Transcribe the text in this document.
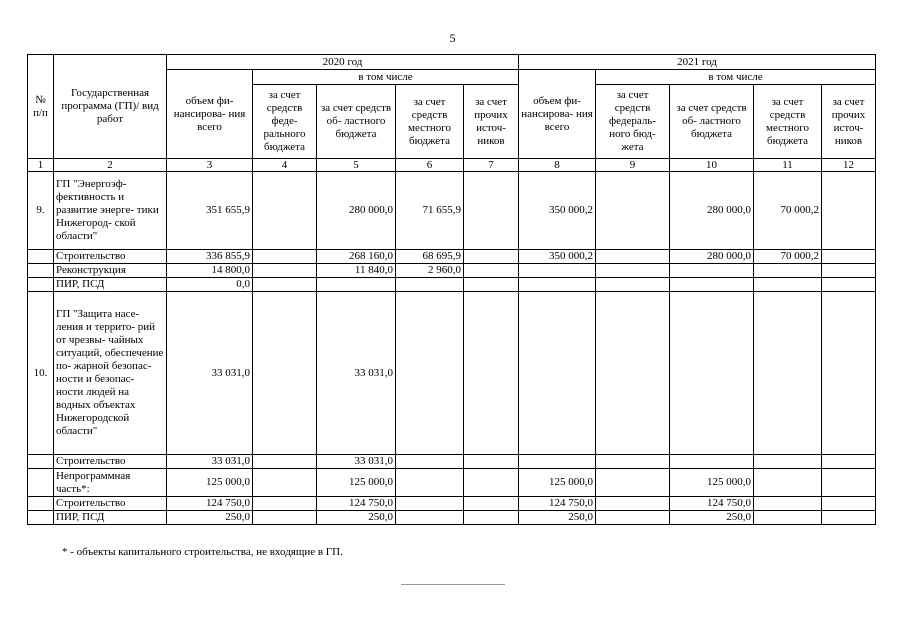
5
№
п/п	Государственная программа (ГП)/ вид работ	2020 год					2021 год				
		объем фи- нансирова- ния всего	в том числе				объем фи- нансирова- ния всего	в том числе			
			за счет средств феде- рального бюджета	за счет средств об- ластного бюджета	за счет средств местного бюджета	за счет прочих источ- ников		за счет средств федераль- ного бюд- жета	за счет средств об- ластного бюджета	за счет средств местного бюджета	за счет прочих источ- ников
1	2	3	4	5	6	7	8	9	10	11	12
9.	ГП "Энергоэф- фективность и развитие энерге- тики Нижегород- ской области"	351 655,9		280 000,0	71 655,9		350 000,2		280 000,0	70 000,2	
	Строительство	336 855,9		268 160,0	68 695,9		350 000,2		280 000,0	70 000,2	
	Реконструкция	14 800,0		11 840,0	2 960,0						
	ПИР, ПСД	0,0									
10.	ГП "Защита насе- ления и террито- рий от чрезвы- чайных ситуаций, обеспечение по- жарной безопас- ности и безопас- ности людей на водных объектах Нижегородской области"	33 031,0		33 031,0							
	Строительство	33 031,0		33 031,0							
	Непрограммная часть*:	125 000,0		125 000,0			125 000,0		125 000,0		
	Строительство	124 750,0		124 750,0			124 750,0		124 750,0		
	ПИР, ПСД	250,0		250,0			250,0		250,0		
* - объекты капитального строительства, не входящие в ГП.
